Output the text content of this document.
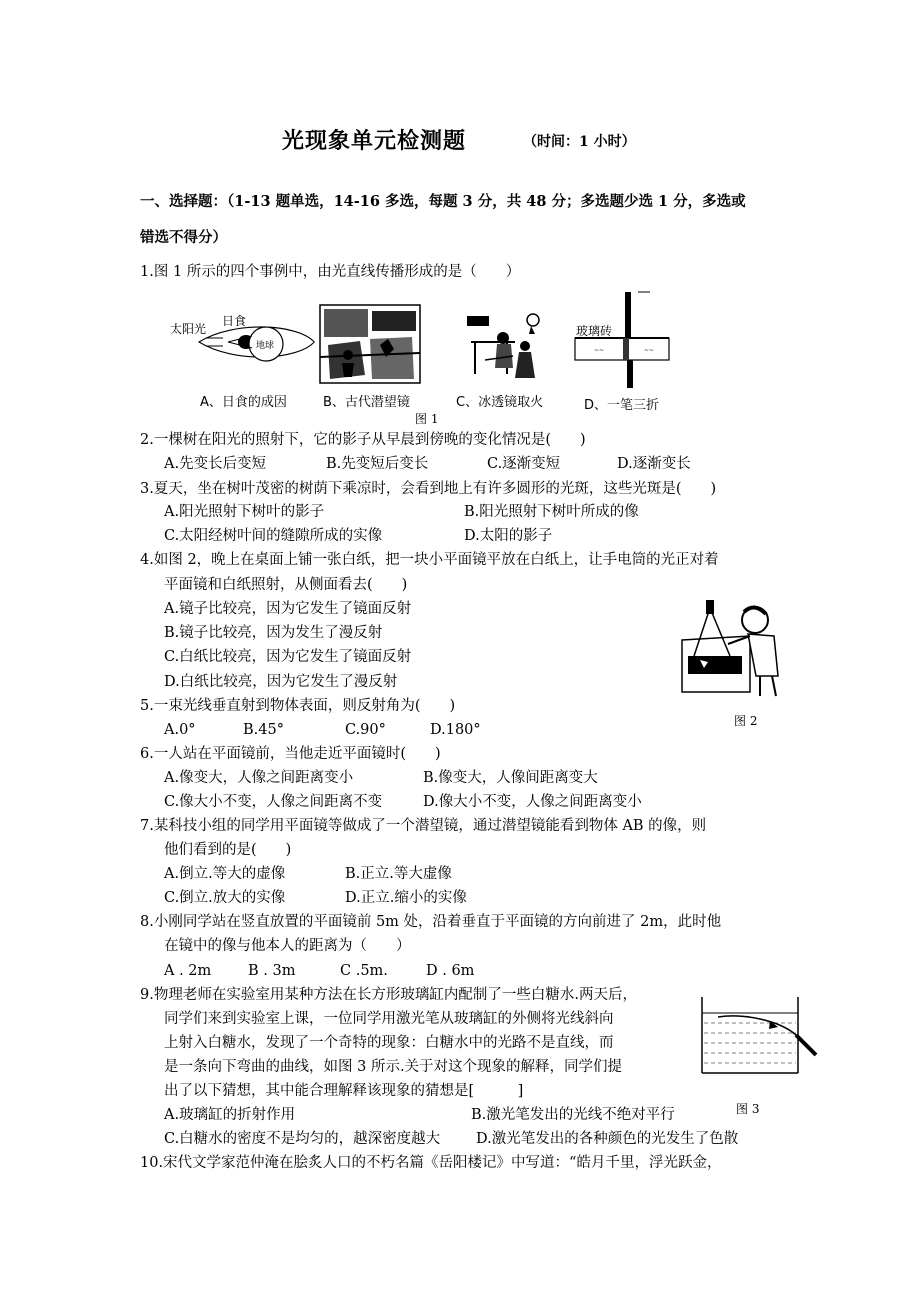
光现象单元检测题	（时间：1 小时）
一、选择题：（1-13 题单选，14-16 多选，每题 3 分，共 48 分；多选题少选 1 分，多选或
错选不得分）
1.图 1 所示的四个事例中，由光直线传播形成的是（　　）
太阳光
日食
地球	~~	~~
玻璃砖
A、日食的成因	B、古代潜望镜	C、冰透镜取火	D、一笔三折
图 1
2.一棵树在阳光的照射下，它的影子从早晨到傍晚的变化情况是(　　)
A.先变长后变短	B.先变短后变长	C.逐渐变短	D.逐渐变长
3.夏天，坐在树叶茂密的树荫下乘凉时，会看到地上有许多圆形的光斑，这些光斑是(　　)
A.阳光照射下树叶的影子	B.阳光照射下树叶所成的像
C.太阳经树叶间的缝隙所成的实像	D.太阳的影子
4.如图 2，晚上在桌面上铺一张白纸，把一块小平面镜平放在白纸上，让手电筒的光正对着
平面镜和白纸照射，从侧面看去(　　)
A.镜子比较亮，因为它发生了镜面反射
B.镜子比较亮，因为发生了漫反射
C.白纸比较亮，因为它发生了镜面反射
D.白纸比较亮，因为它发生了漫反射
图 2
5.一束光线垂直射到物体表面，则反射角为(　　)
A.0°	B.45°	C.90°	D.180°
6.一人站在平面镜前，当他走近平面镜时(　　)
A.像变大，人像之间距离变小	B.像变大，人像间距离变大
C.像大小不变，人像之间距离不变	D.像大小不变，人像之间距离变小
7.某科技小组的同学用平面镜等做成了一个潜望镜，通过潜望镜能看到物体 AB 的像，则
他们看到的是(　　)
A.倒立.等大的虚像	B.正立.等大虚像
C.倒立.放大的实像	D.正立.缩小的实像
8.小刚同学站在竖直放置的平面镜前 5m 处，沿着垂直于平面镜的方向前进了 2m，此时他
在镜中的像与他本人的距离为（　　）
A . 2m	B . 3m	C .5m.	D . 6m
9.物理老师在实验室用某种方法在长方形玻璃缸内配制了一些白糖水.两天后，
同学们来到实验室上课，一位同学用激光笔从玻璃缸的外侧将光线斜向
上射入白糖水，发现了一个奇特的现象：白糖水中的光路不是直线，而
是一条向下弯曲的曲线，如图 3 所示.关于对这个现象的解释，同学们提
出了以下猜想，其中能合理解释该现象的猜想是[　　　]
A.玻璃缸的折射作用	B.激光笔发出的光线不绝对平行
C.白糖水的密度不是均匀的，越深密度越大 D.激光笔发出的各种颜色的光发生了色散
图 3
10.宋代文学家范仲淹在脍炙人口的不朽名篇《岳阳楼记》中写道：“皓月千里，浮光跃金，
